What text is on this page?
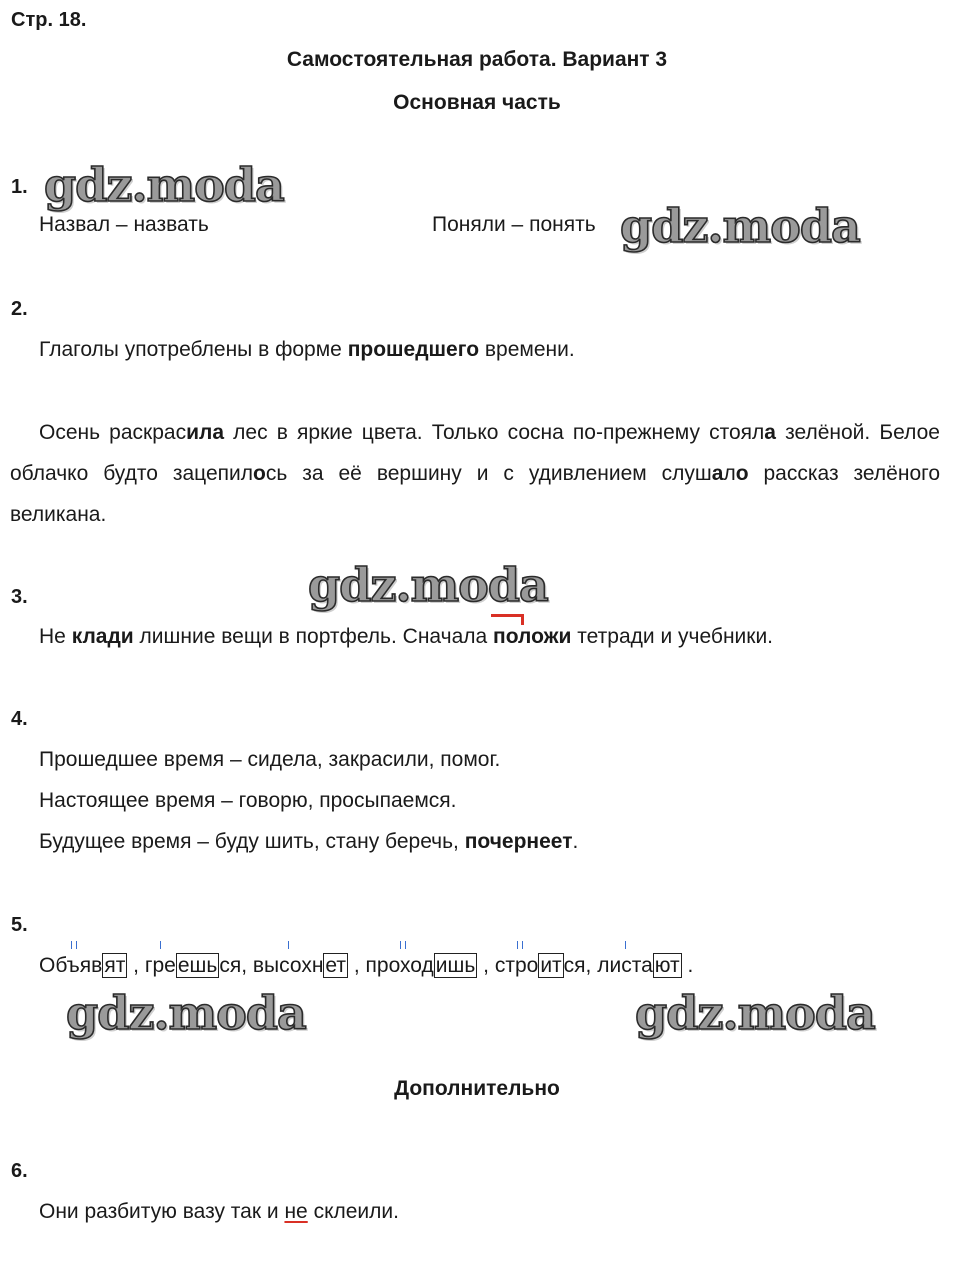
Стр. 18.
Самостоятельная работа. Вариант 3
Основная часть
1. gdz.moda
Назвал – назвать	Поняли – понять gdz.moda
2.
Глаголы употреблены в форме прошедшего времени.
Осень раскрасила лес в яркие цвета. Только сосна по-прежнему стояла зелёной. Белое облачко будто зацепилось за её вершину и с удивлением слушало рассказ зелёного великана.
gdz.moda
3.
Не клади лишние вещи в портфель. Сначала положи тетради и учебники.
4.
Прошедшее время – сидела, закрасили, помог.
Настоящее время – говорю, просыпаемся.
Будущее время – буду шить, стану беречь, почернеет.
5.
Объявят , греешься, высохнет , проходишь , строится, листают .
gdz.moda	gdz.moda
Дополнительно
6.
Они разбитую вазу так и не склеили.
